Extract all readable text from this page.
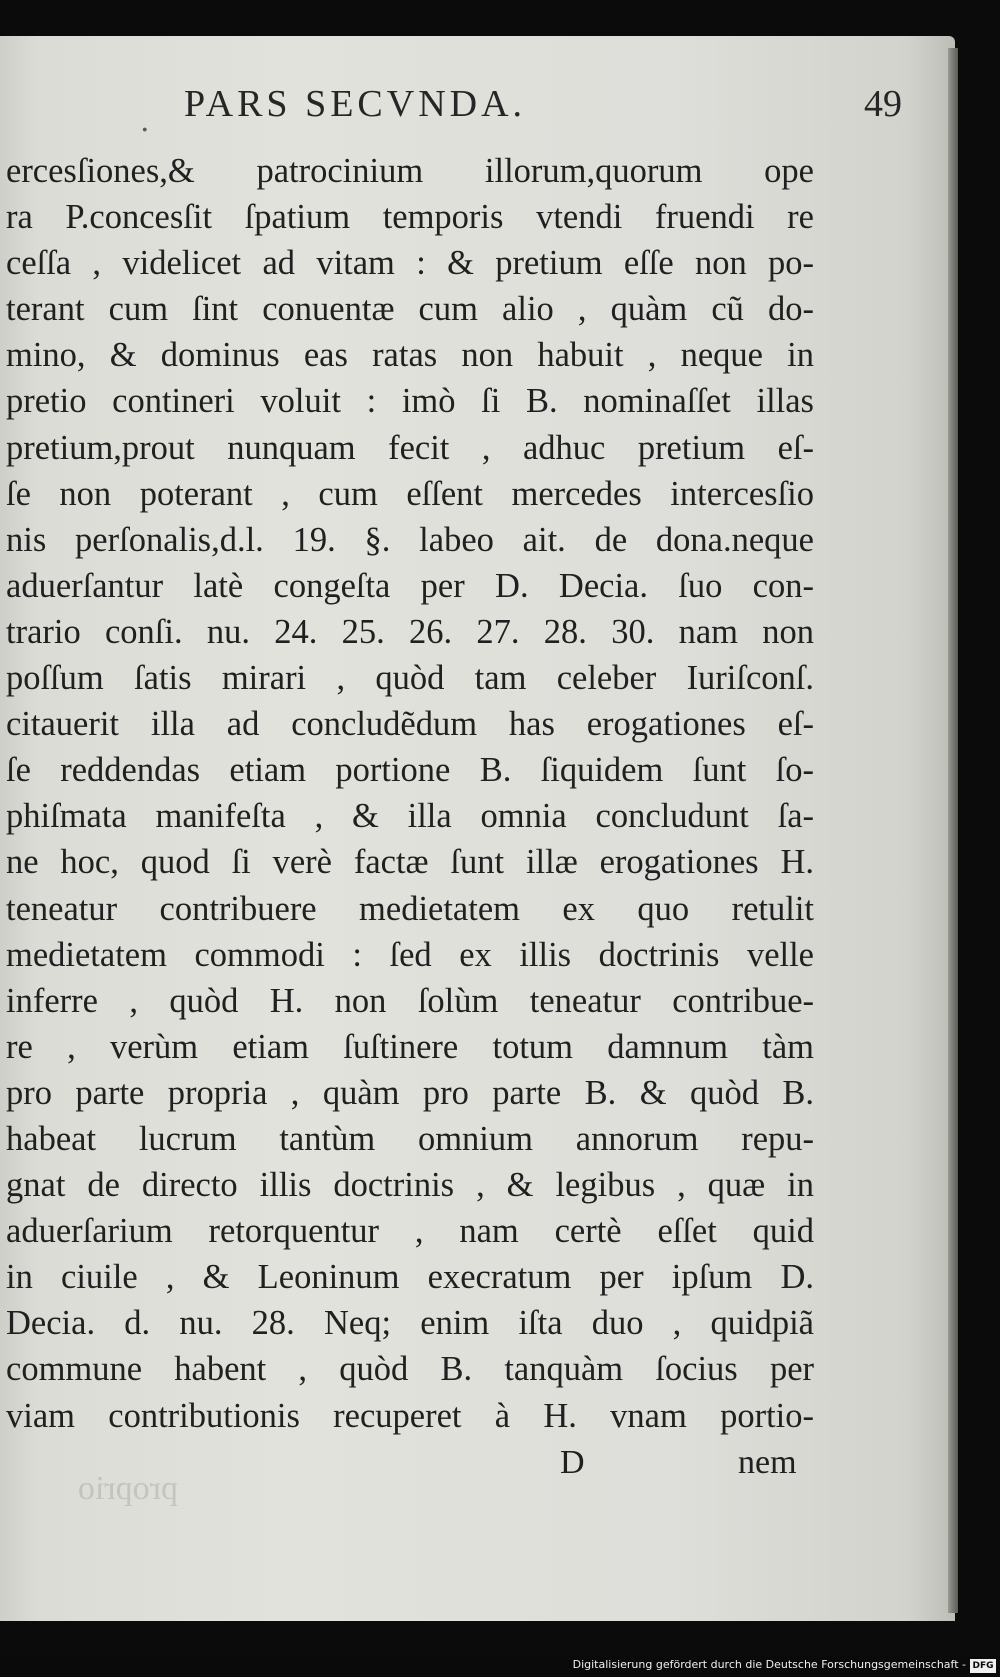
. PARS SECVNDA.	49
ercesſiones,& patrocinium illorum,quorum ope
ra P.concesſit ſpatium temporis vtendi fruendi re
ceſſa , videlicet ad vitam : & pretium eſſe non po-
terant cum ſint conuentæ cum alio , quàm cũ do-
mino, & dominus eas ratas non habuit , neque in
pretio contineri voluit : imò ſi B. nominaſſet illas
pretium,prout nunquam fecit , adhuc pretium eſ-
ſe non poterant , cum eſſent mercedes intercesſio
nis perſonalis,d.l. 19. §. labeo ait. de dona.neque
aduerſantur latè congeſta per D. Decia. ſuo con-
trario conſi. nu. 24. 25. 26. 27. 28. 30. nam non
poſſum ſatis mirari , quòd tam celeber Iuriſconſ.
citauerit illa ad concludẽdum has erogationes eſ-
ſe reddendas etiam portione B. ſiquidem ſunt ſo-
phiſmata manifeſta , & illa omnia concludunt ſa-
ne hoc, quod ſi verè factæ ſunt illæ erogationes H.
teneatur contribuere medietatem ex quo retulit
medietatem commodi : ſed ex illis doctrinis velle
inferre , quòd H. non ſolùm teneatur contribue-
re , verùm etiam ſuſtinere totum damnum tàm
pro parte propria , quàm pro parte B. & quòd B.
habeat lucrum tantùm omnium annorum repu-
gnat de directo illis doctrinis , & legibus , quæ in
aduerſarium retorquentur , nam certè eſſet quid
in ciuile , & Leoninum execratum per ipſum D.
Decia. d. nu. 28. Neq; enim iſta duo , quidpiã
commune habent , quòd B. tanquàm ſocius per
viam contributionis recuperet à H. vnam portio-
proprio
D	nem
Digitalisierung gefördert durch die Deutsche Forschungsgemeinschaft - DFG
